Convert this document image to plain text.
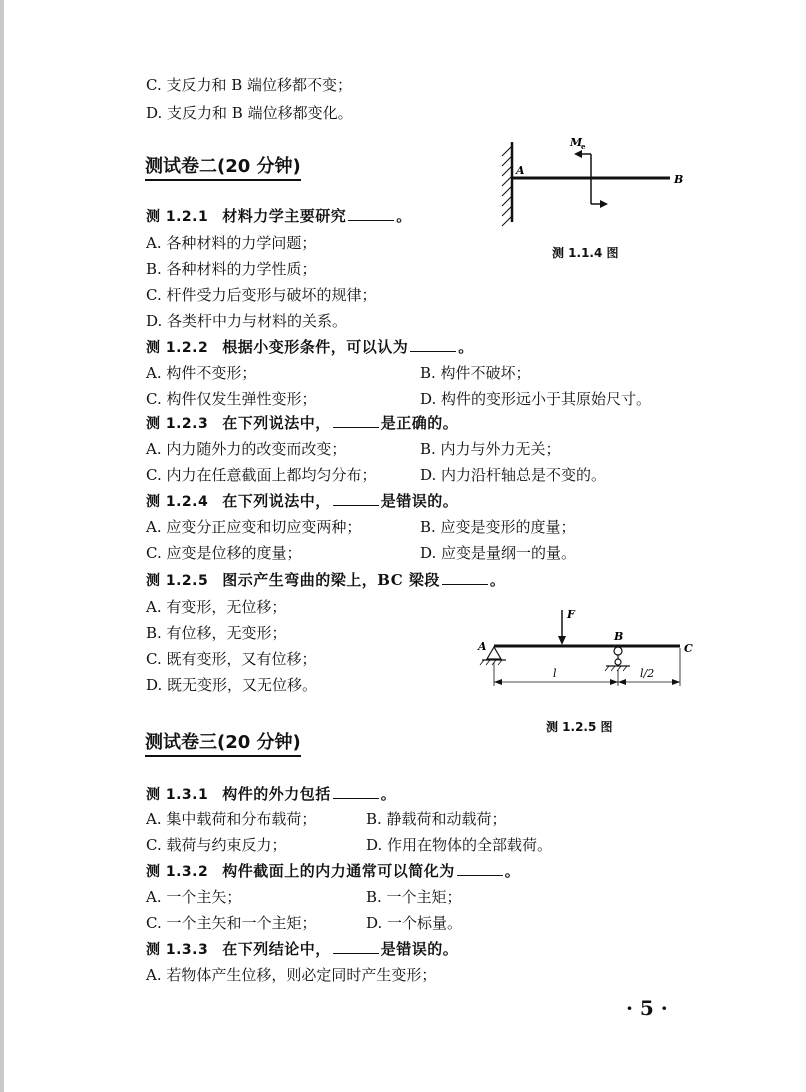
C. 支反力和 B 端位移都不变；
D. 支反力和 B 端位移都变化。
测试卷二(20 分钟)
测 1.2.1 材料力学主要研究	。
A. 各种材料的力学问题；
B. 各种材料的力学性质；
C. 杆件受力后变形与破坏的规律；
D. 各类杆中力与材料的关系。
测 1.2.2 根据小变形条件，可以认为	。
A. 构件不变形；	B. 构件不破坏；
C. 构件仅发生弹性变形；	D. 构件的变形远小于其原始尺寸。
测 1.2.3 在下列说法中，	是正确的。
A. 内力随外力的改变而改变；	B. 内力与外力无关；
C. 内力在任意截面上都均匀分布；	D. 内力沿杆轴总是不变的。
测 1.2.4 在下列说法中，	是错误的。
A. 应变分正应变和切应变两种；	B. 应变是变形的度量；
C. 应变是位移的度量；	D. 应变是量纲一的量。
测 1.2.5 图示产生弯曲的梁上，BC 梁段	。
A. 有变形，无位移；
B. 有位移，无变形；
C. 既有变形，又有位移；
D. 既无变形，又无位移。
测试卷三(20 分钟)
测 1.3.1 构件的外力包括	。
A. 集中载荷和分布载荷；	B. 静载荷和动载荷；
C. 载荷与约束反力；	D. 作用在物体的全部载荷。
测 1.3.2 构件截面上的内力通常可以简化为	。
A. 一个主矢；	B. 一个主矩；
C. 一个主矢和一个主矩；	D. 一个标量。
测 1.3.3 在下列结论中，	是错误的。
A. 若物体产生位移，则必定同时产生变形；
A
B
M
e
测 1.1.4 图
F
A
B
C
l	l/2
测 1.2.5 图
· 5 ·
